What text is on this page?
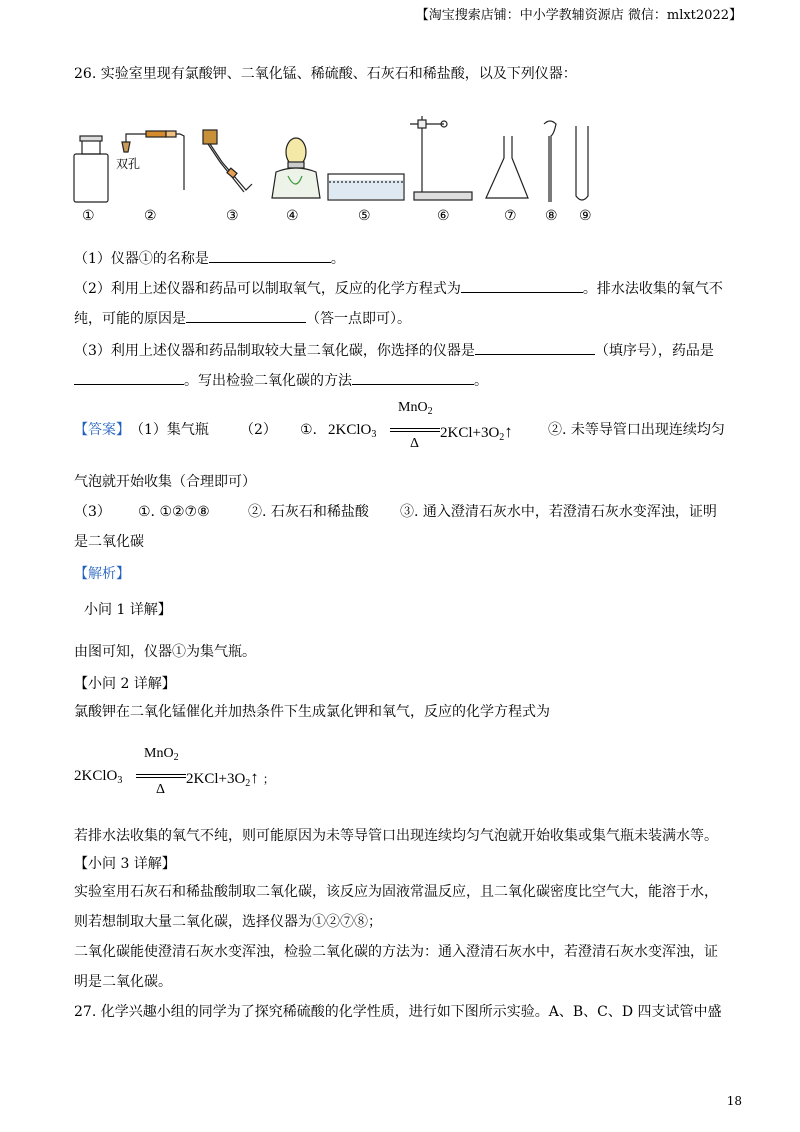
【淘宝搜索店铺：中小学教辅资源店 微信：mlxt2022】
26. 实验室里现有氯酸钾、二氧化锰、稀硫酸、石灰石和稀盐酸，以及下列仪器：
双孔
①	②	③	④	⑤	⑥	⑦ ⑧ ⑨
（1）仪器①的名称是	。
（2）利用上述仪器和药品可以制取氧气，反应的化学方程式为	。排水法收集的氧气不
纯，可能的原因是	（答一点即可）。
（3）利用上述仪器和药品制取较大量二氧化碳，你选择的仪器是	（填序号），药品是
。写出检验二氧化碳的方法	。
【答案】 （1）集气瓶 （2） ①. 2KClO$_3$
MnO$_2$
Δ
$2KCl+3O_2↑$	②. 未等导管口出现连续均匀
气泡就开始收集（合理即可）
（3） ①. ①②⑦⑧	②. 石灰石和稀盐酸 ③. 通入澄清石灰水中，若澄清石灰水变浑浊，证明
是二氧化碳
【解析】
小问 1 详解】
由图可知，仪器①为集气瓶。
【小问 2 详解】
氯酸钾在二氧化锰催化并加热条件下生成氯化钾和氧气，反应的化学方程式为
2KClO$_3$
MnO$_2$
Δ
$2KCl+3O_2↑$ ；
若排水法收集的氧气不纯，则可能原因为未等导管口出现连续均匀气泡就开始收集或集气瓶未装满水等。
【小问 3 详解】
实验室用石灰石和稀盐酸制取二氧化碳，该反应为固液常温反应，且二氧化碳密度比空气大，能溶于水，
则若想制取大量二氧化碳，选择仪器为①②⑦⑧；
二氧化碳能使澄清石灰水变浑浊，检验二氧化碳的方法为：通入澄清石灰水中，若澄清石灰水变浑浊，证
明是二氧化碳。
27. 化学兴趣小组的同学为了探究稀硫酸的化学性质，进行如下图所示实验。A、B、C、D 四支试管中盛
18
